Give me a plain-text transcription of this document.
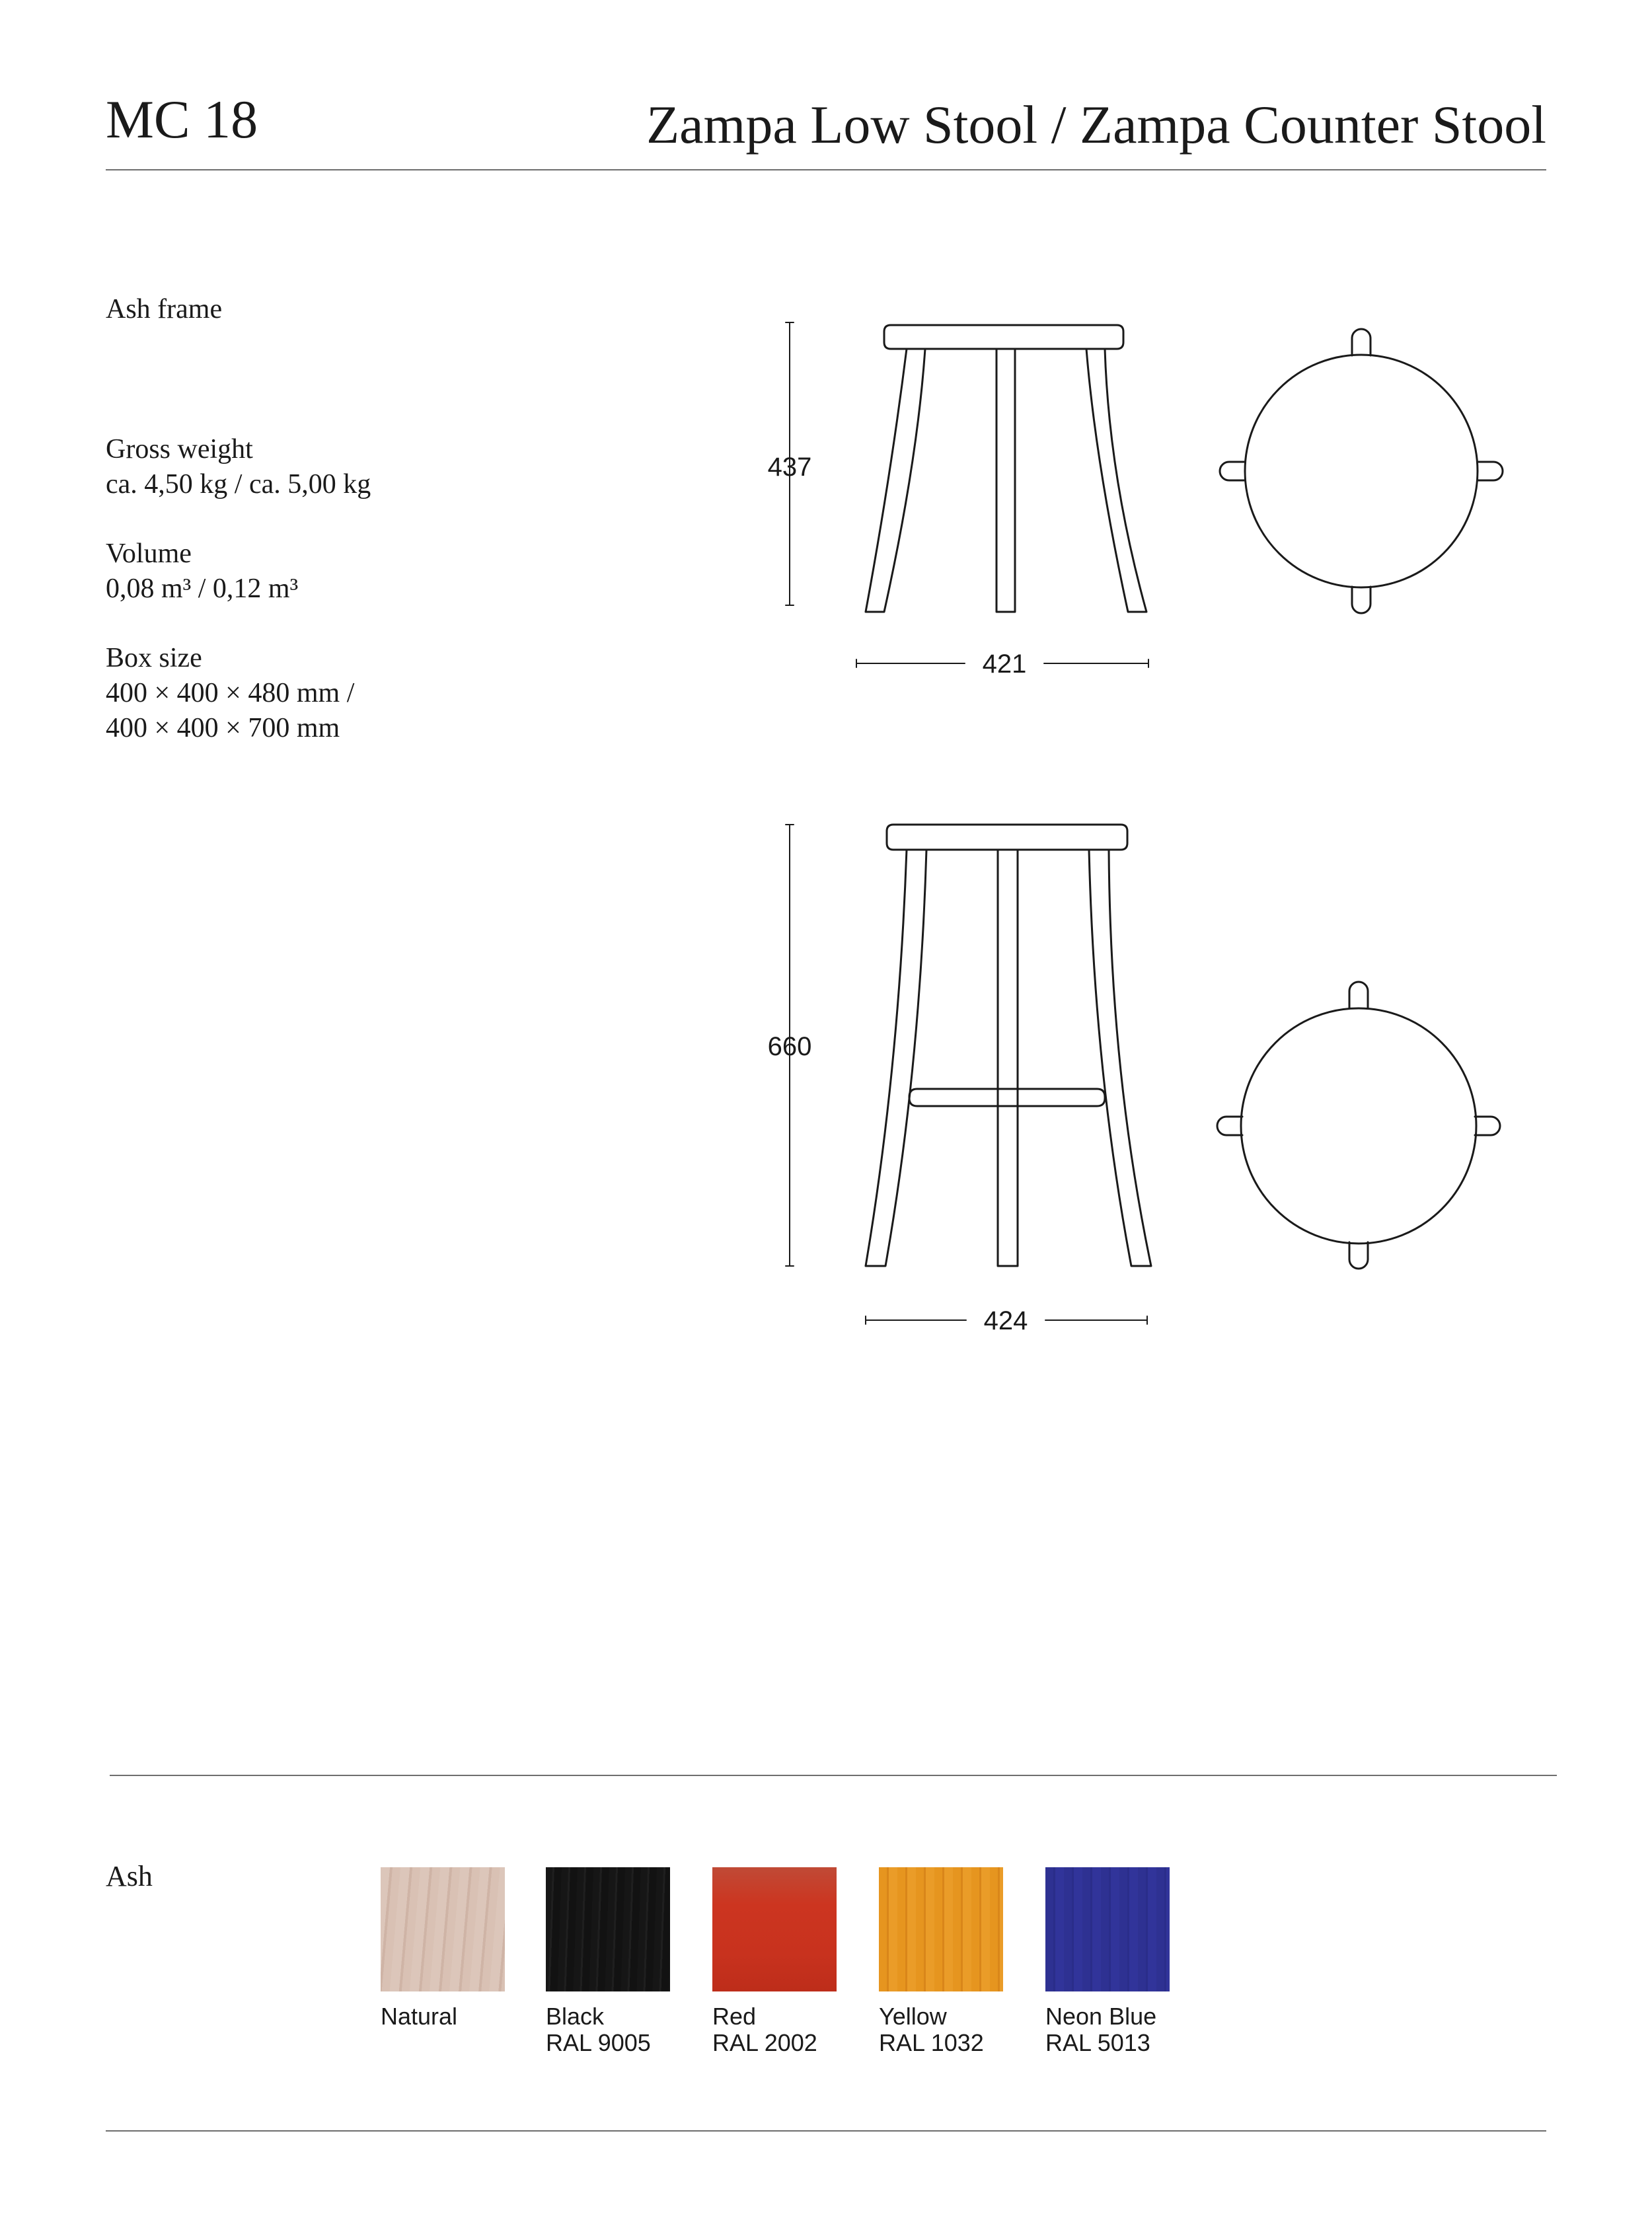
MC 18	Zampa Low Stool / Zampa Counter Stool
Ash frame
Gross weight
ca. 4,50 kg / ca. 5,00 kg
Volume
0,08 m³ / 0,12 m³
Box size
400 × 400 × 480 mm /
400 × 400 × 700 mm
437
421
660
424
Ash
Natural	Black
RAL 9005
Red
RAL 2002
Yellow
RAL 1032
Neon Blue
RAL 5013
